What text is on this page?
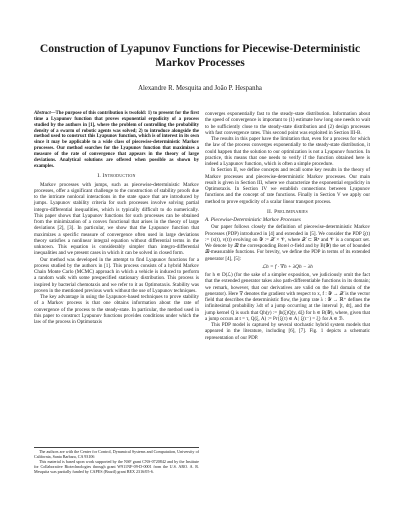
Construction of Lyapunov Functions for Piecewise-Deterministic
Markov Processes
Alexandre R. Mesquita and João P. Hespanha

Abstract—The purpose of this contribution is twofold: 1) to present for the first time a Lyapunov function that proves exponential ergodicity of a process studied by the authors in [1], where the problem of controlling the probability density of a swarm of robotic agents was solved; 2) to introduce alongside the method used to construct this Lyapunov function, which is of interest in its own since it may be applicable to a wide class of piecewise-deterministic Markov processes. Our method searches for the Lyapunov function that maximizes a measure of the rate of convergence that appears in the theory of large deviations. Analytical solutions are offered when possible as shown by examples.

I. Introduction

Markov processes with jumps, such as piecewise-deterministic Markov processes, offer a significant challenge to the construction of stability proofs due to the intricate nonlocal interactions in the state space that are introduced by jumps. Lyapunov stability criteria for such processes involve solving partial integro-differential inequalities, which is typically difficult to do numerically. This paper shows that Lyapunov functions for such processes can be obtained from the minimization of a convex functional that arises in the theory of large deviations [2], [3]. In particular, we show that the Lyapunov function that maximizes a specific measure of convergence often used in large deviations theory satisfies a nonlinear integral equation without differential terms in the unknown. This equation is considerably simpler than integro-differential inequalities and we present cases in which it can be solved in closed form.

Our method was developed in the attempt to find Lyapunov functions for a process studied by the authors in [1]. This process consists of a hybrid Markov Chain Monte Carlo (MCMC) approach in which a vehicle is induced to perform a random walk with some prespecified stationary distribution. This process is inspired by bacterial chemotaxis and we refer to it as Optimotaxis. Stability was proven in the mentioned previous work without the use of Lyapunov techniques.

The key advantage in using the Lyapunov-based techniques to prove stability of a Markov process is that one obtains information about the rate of convergence of the process to the steady-state. In particular, the method used in this paper to construct Lyapunov functions provides conditions under which the law of the process in Optimotaxis

The authors are with the Center for Control, Dynamical Systems and Computation, University of California, Santa Barbara, CA 93106

This material is based upon work supported by the NSF grant CNS-0720842 and by the Institute for Collaborative Biotechnologies through grant W911NF-09-D-0001 from the U.S. ARO. A. R. Mesquita was partially funded by CAPES (Brazil) grant BEX 2316/05-6.

converges exponentially fast to the steady-state distribution. Information about the speed of convergence is important to (1) estimate how long one needs to wait to be sufficiently close to the steady-state distribution and (2) design processes with fast convergence rates. This second point was exploited in Section III-B.

The results in this paper have the limitation that, even for a process for which the law of the process converges exponentially to the steady-state distribution, it could happen that the solution to our optimization is not a Lyapunov function. In practice, this means that one needs to verify if the function obtained here is indeed a Lyapunov function, which is often a simple procedure.

In Section II, we define concepts and recall some key results in the theory of Markov processes and piecewise-deterministic Markov processes. Our main result is given in Section III, where we characterize the exponential ergodicity in Optimotaxis. In Section IV we establish connections between Lyapunov functions and the concept of rate functions. Finally in Section V we apply our method to prove ergodicity of a scalar linear transport process.

II. Preliminaries
A. Piecewise-Deterministic Markov Processes

Our paper follows closely the definition of piecewise-deterministic Markov Processes (PDP) introduced in [4] and extended in [5]. We consider the PDP ξ(t) := (x(t), v(t)) evolving on 𝒴 := 𝒳 × 𝒱, where 𝒳 ⊂ ℝⁿ and 𝒱 is a compact set. We denote by ℬ the corresponding Borel σ-field and by B(𝒴) the set of bounded ℬ-measurable functions. For brevity, we define the PDP in terms of its extended generator [4], [5]:

ℒh = f · ∇h + λQh − λh

for h ∈ D(ℒ) (for the sake of a simpler exposition, we judiciously omit the fact that the extended generator takes also path-differentiable functions in its domain; we remark, however, that our derivatives are valid on the full domain of the generator). Here ∇ denotes the gradient with respect to x, f : 𝒴 → 𝒳 is the vector field that describes the deterministic flow, the jump rate λ : 𝒴 → ℝ⁺ defines the infinitesimal probability λdt of a jump occurring at the interval [t, dt], and the jump kernel Q is such that Qh(y) := ∫h(ξ)Q(y, dξ) for h ∈ B(𝒴), where, given that a jump occurs at t = τ, Q(ξ, A) := Pr{ξ(τ) ∈ A | ξ(τ⁻) = ξ} for A ∈ ℬ.

This PDP model is captured by several stochastic hybrid system models that appeared in the literature, including [6], [7]. Fig. 1 depicts a schematic representation of our PDP.
